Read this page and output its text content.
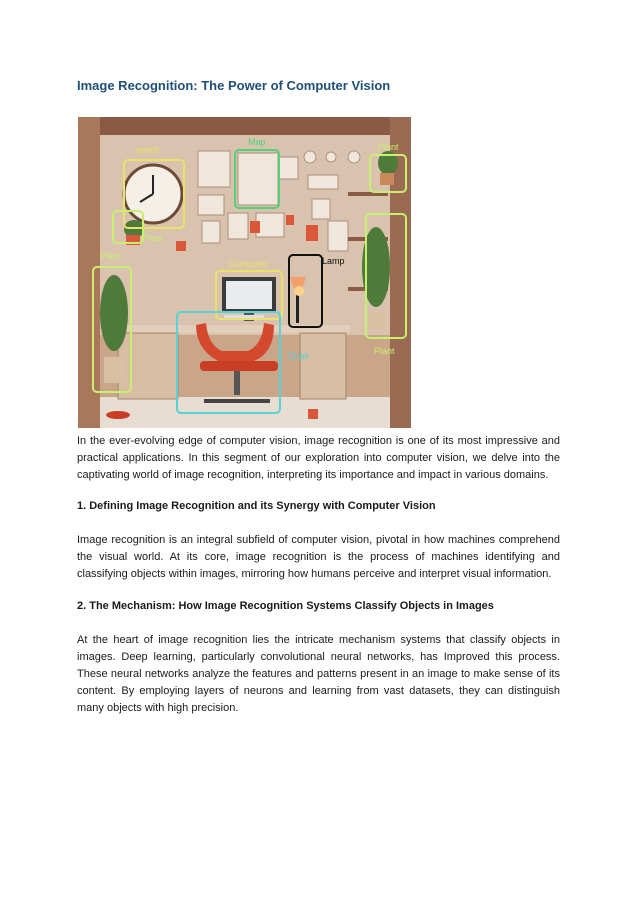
Image Recognition: The Power of Computer Vision
watch
Map	Plant
Plant
Plant	Lamp
Computer
Chair	Plant

In the ever-evolving edge of computer vision, image recognition is one of its most impressive and practical applications. In this segment of our exploration into computer vision, we delve into the captivating world of image recognition, interpreting its importance and impact in various domains.

1. Defining Image Recognition and its Synergy with Computer Vision

Image recognition is an integral subfield of computer vision, pivotal in how machines comprehend the visual world. At its core, image recognition is the process of machines identifying and classifying objects within images, mirroring how humans perceive and interpret visual information.

2. The Mechanism: How Image Recognition Systems Classify Objects in Images

At the heart of image recognition lies the intricate mechanism systems that classify objects in images. Deep learning, particularly convolutional neural networks, has Improved this process. These neural networks analyze the features and patterns present in an image to make sense of its content. By employing layers of neurons and learning from vast datasets, they can distinguish many objects with high precision.
